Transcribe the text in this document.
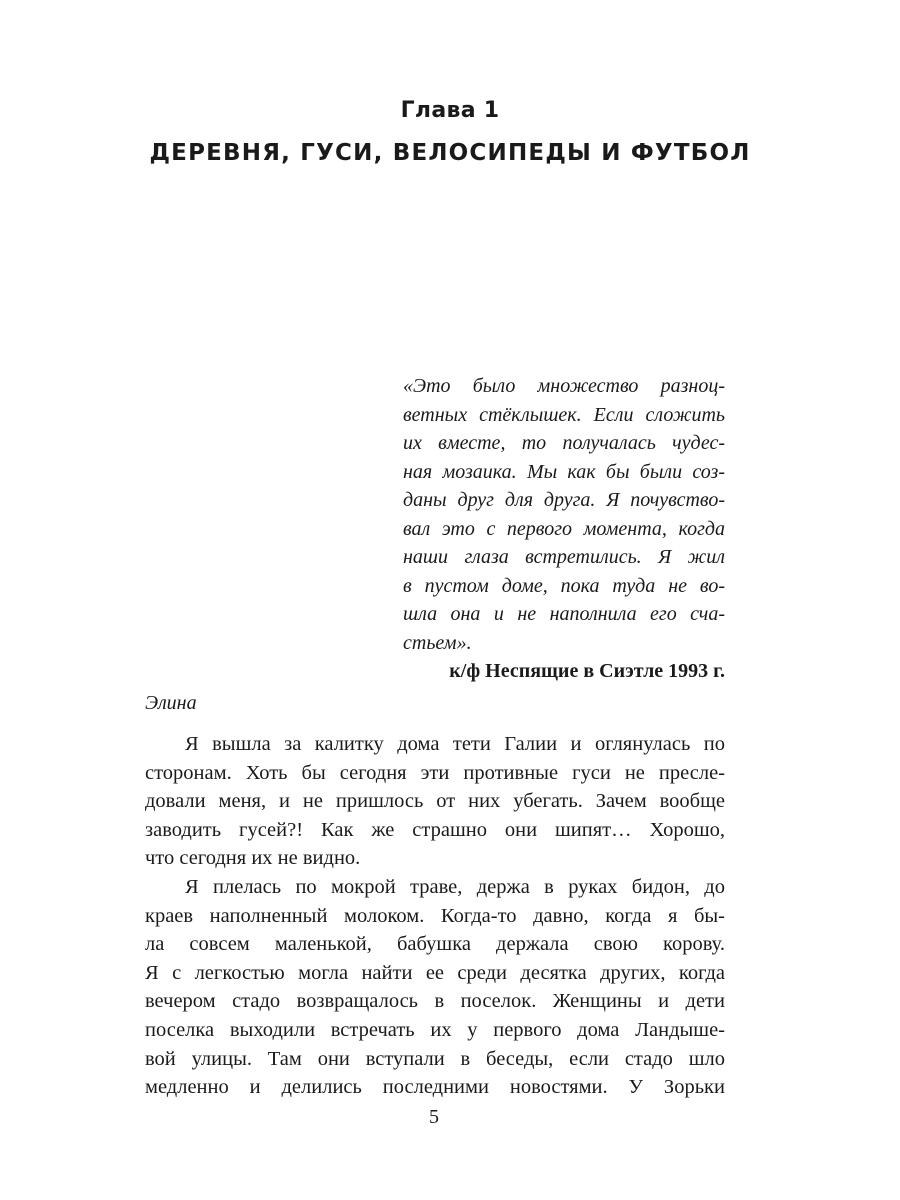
Глава 1
ДЕРЕВНЯ, ГУСИ, ВЕЛОСИПЕДЫ И ФУТБОЛ
«Это было множество разноц-
ветных стёклышек. Если сложить
их вместе, то получалась чудес-
ная мозаика. Мы как бы были соз-
даны друг для друга. Я почувство-
вал это с первого момента, когда
наши глаза встретились. Я жил
в пустом доме, пока туда не во-
шла она и не наполнила его сча-
стьем».
к/ф Неспящие в Сиэтле 1993 г.
Элина
Я вышла за калитку дома тети Галии и оглянулась по
сторонам. Хоть бы сегодня эти противные гуси не пресле-
довали меня, и не пришлось от них убегать. Зачем вообще
заводить гусей?! Как же страшно они шипят… Хорошо,
что сегодня их не видно.
Я плелась по мокрой траве, держа в руках бидон, до
краев наполненный молоком. Когда-то давно, когда я бы-
ла совсем маленькой, бабушка держала свою корову.
Я с легкостью могла найти ее среди десятка других, когда
вечером стадо возвращалось в поселок. Женщины и дети
поселка выходили встречать их у первого дома Ландыше-
вой улицы. Там они вступали в беседы, если стадо шло
медленно и делились последними новостями. У Зорьки
5
